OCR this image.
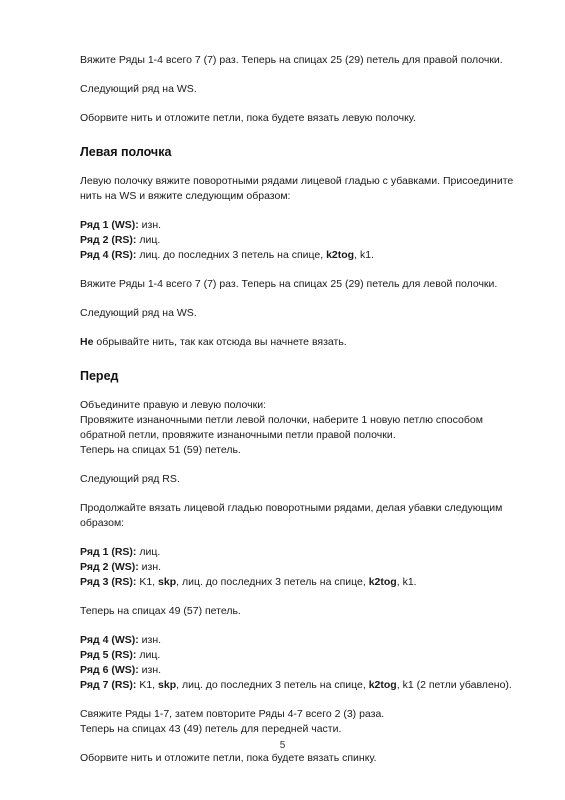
Вяжите Ряды 1-4 всего 7 (7) раз. Теперь на спицах 25 (29) петель для правой полочки.

Следующий ряд на WS.

Оборвите нить и отложите петли, пока будете вязать левую полочку.

Левая полочка

Левую полочку вяжите поворотными рядами лицевой гладью с убавками. Присоедините

нить на WS и вяжите следующим образом:

Ряд 1 (WS): изн.

Ряд 2 (RS): лиц.

Ряд 4 (RS): лиц. до последних 3 петель на спице, k2tog, k1.

Вяжите Ряды 1-4 всего 7 (7) раз. Теперь на спицах 25 (29) петель для левой полочки.

Следующий ряд на WS.

Не обрывайте нить, так как отсюда вы начнете вязать.

Перед

Объедините правую и левую полочки:

Провяжите изнаночными петли левой полочки, наберите 1 новую петлю способом

обратной петли, провяжите изнаночными петли правой полочки.

Теперь на спицах 51 (59) петель.

Следующий ряд RS.

Продолжайте вязать лицевой гладью поворотными рядами, делая убавки следующим

образом:

Ряд 1 (RS): лиц.

Ряд 2 (WS): изн.

Ряд 3 (RS): K1, skp, лиц. до последних 3 петель на спице, k2tog, k1.

Теперь на спицах 49 (57) петель.

Ряд 4 (WS): изн.

Ряд 5 (RS): лиц.

Ряд 6 (WS): изн.

Ряд 7 (RS): K1, skp, лиц. до последних 3 петель на спице, k2tog, k1 (2 петли убавлено).

Свяжите Ряды 1-7, затем повторите Ряды 4-7 всего 2 (3) раза.

Теперь на спицах 43 (49) петель для передней части.

Оборвите нить и отложите петли, пока будете вязать спинку.

5
